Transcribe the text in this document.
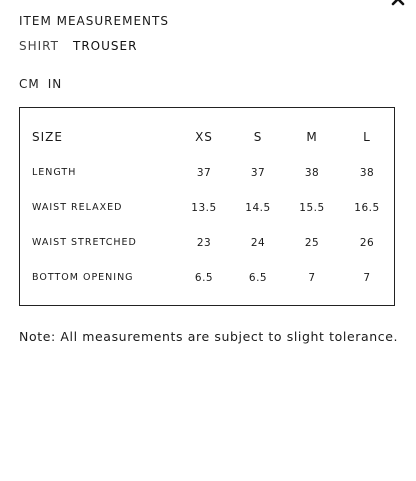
ITEM MEASUREMENTS
SHIRT TROUSER
CM IN
SIZE	XS	S	M	L
LENGTH	37	37	38	38
WAIST RELAXED	13.5	14.5	15.5	16.5
WAIST STRETCHED	23	24	25	26
BOTTOM OPENING	6.5	6.5	7	7
Note: All measurements are subject to slight tolerance.
